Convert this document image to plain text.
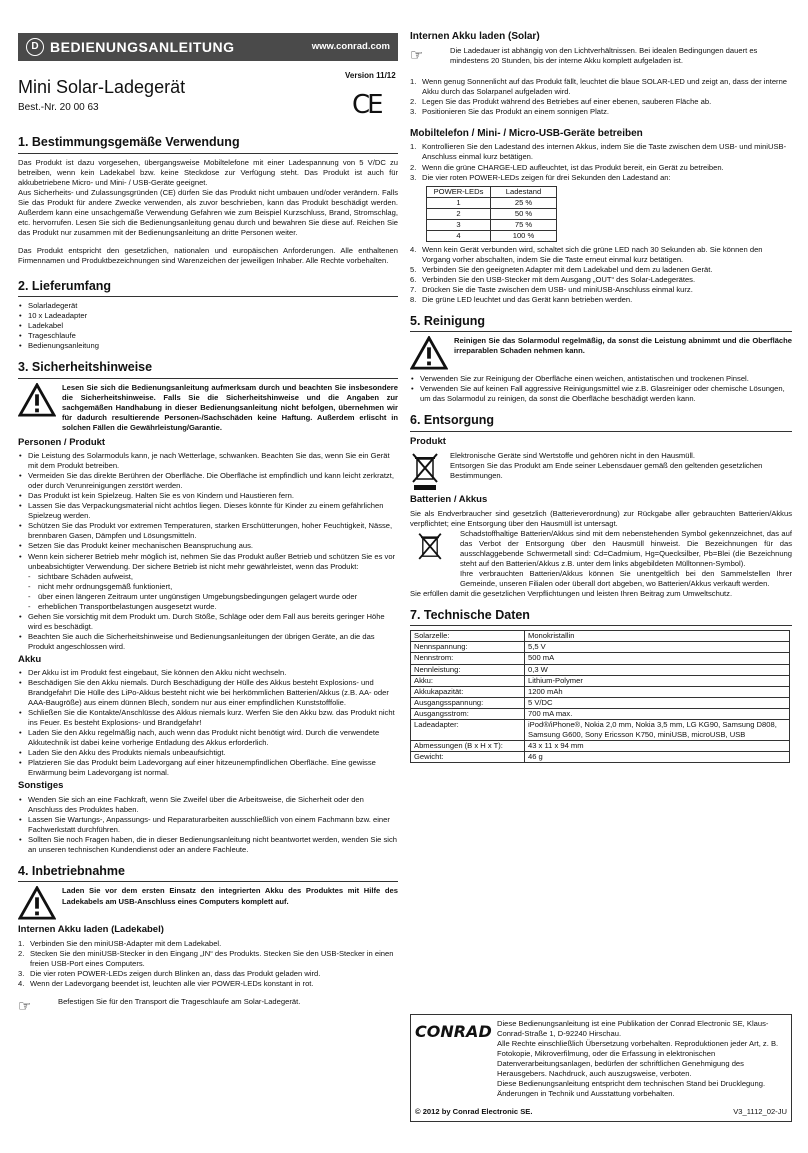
D BEDIENUNGSANLEITUNG	www.conrad.com
Mini Solar-Ladegerät
Version 11/12
Best.-Nr. 20 00 63	CE
1. Bestimmungsgemäße Verwendung

Das Produkt ist dazu vorgesehen, übergangsweise Mobiltelefone mit einer Ladespannung von 5 V/DC zu betreiben, wenn kein Ladekabel bzw. keine Steckdose zur Verfügung steht. Das Produkt ist auch für akkubetriebene Micro- und Mini- / USB-Geräte geeignet.

Aus Sicherheits- und Zulassungsgründen (CE) dürfen Sie das Produkt nicht umbauen und/oder verändern. Falls Sie das Produkt für andere Zwecke verwenden, als zuvor beschrieben, kann das Produkt beschädigt werden. Außerdem kann eine unsachgemäße Verwendung Gefahren wie zum Beispiel Kurzschluss, Brand, Stromschlag, etc. hervorrufen. Lesen Sie sich die Bedienungsanleitung genau durch und bewahren Sie diese auf. Reichen Sie das Produkt nur zusammen mit der Bedienungsanleitung an dritte Personen weiter.

Das Produkt entspricht den gesetzlichen, nationalen und europäischen Anforderungen. Alle enthaltenen Firmennamen und Produktbezeichnungen sind Warenzeichen der jeweiligen Inhaber. Alle Rechte vorbehalten.

2. Lieferumfang
• Solarladegerät
• 10 x Ladeadapter
• Ladekabel
• Trageschlaufe
• Bedienungsanleitung
3. Sicherheitshinweise
Lesen Sie sich die Bedienungsanleitung aufmerksam durch und beachten Sie insbesondere die Sicherheitshinweise. Falls Sie die Sicherheitshinweise und die Angaben zur sachgemäßen Handhabung in dieser Bedienungsanleitung nicht befolgen, übernehmen wir für dadurch resultierende Personen-/Sachschäden keine Haftung. Außerdem erlischt in solchen Fällen die Gewährleistung/Garantie.
Personen / Produkt
• Die Leistung des Solarmoduls kann, je nach Wetterlage, schwanken. Beachten Sie das, wenn Sie ein Gerät mit dem Produkt betreiben.
• Vermeiden Sie das direkte Berühren der Oberfläche. Die Oberfläche ist empfindlich und kann leicht zerkratzt, oder durch Verunreinigungen zerstört werden.
• Das Produkt ist kein Spielzeug. Halten Sie es von Kindern und Haustieren fern.
• Lassen Sie das Verpackungsmaterial nicht achtlos liegen. Dieses könnte für Kinder zu einem gefährlichen Spielzeug werden.
• Schützen Sie das Produkt vor extremen Temperaturen, starken Erschütterungen, hoher Feuchtigkeit, Nässe, brennbaren Gasen, Dämpfen und Lösungsmitteln.
• Setzen Sie das Produkt keiner mechanischen Beanspruchung aus.
• Wenn kein sicherer Betrieb mehr möglich ist, nehmen Sie das Produkt außer Betrieb und schützen Sie es vor unbeabsichtigter Verwendung. Der sichere Betrieb ist nicht mehr gewährleistet, wenn das Produkt:
- sichtbare Schäden aufweist,
- nicht mehr ordnungsgemäß funktioniert,
- über einen längeren Zeitraum unter ungünstigen Umgebungsbedingungen gelagert wurde oder
- erheblichen Transportbelastungen ausgesetzt wurde.
• Gehen Sie vorsichtig mit dem Produkt um. Durch Stöße, Schläge oder dem Fall aus bereits geringer Höhe wird es beschädigt.
• Beachten Sie auch die Sicherheitshinweise und Bedienungsanleitungen der übrigen Geräte, an die das Produkt angeschlossen wird.
Akku
• Der Akku ist im Produkt fest eingebaut, Sie können den Akku nicht wechseln.
• Beschädigen Sie den Akku niemals. Durch Beschädigung der Hülle des Akkus besteht Explosions- und Brandgefahr! Die Hülle des LiPo-Akkus besteht nicht wie bei herkömmlichen Batterien/Akkus (z.B. AA- oder AAA-Baugröße) aus einem dünnen Blech, sondern nur aus einer empfindlichen Kunststofffolie.
• Schließen Sie die Kontakte/Anschlüsse des Akkus niemals kurz. Werfen Sie den Akku bzw. das Produkt nicht ins Feuer. Es besteht Explosions- und Brandgefahr!
• Laden Sie den Akku regelmäßig nach, auch wenn das Produkt nicht benötigt wird. Durch die verwendete Akkutechnik ist dabei keine vorherige Entladung des Akkus erforderlich.
• Laden Sie den Akku des Produkts niemals unbeaufsichtigt.
• Platzieren Sie das Produkt beim Ladevorgang auf einer hitzeunempfindlichen Oberfläche. Eine gewisse Erwärmung beim Ladevorgang ist normal.
Sonstiges
• Wenden Sie sich an eine Fachkraft, wenn Sie Zweifel über die Arbeitsweise, die Sicherheit oder den Anschluss des Produktes haben.
• Lassen Sie Wartungs-, Anpassungs- und Reparaturarbeiten ausschließlich von einem Fachmann bzw. einer Fachwerkstatt durchführen.
• Sollten Sie noch Fragen haben, die in dieser Bedienungsanleitung nicht beantwortet werden, wenden Sie sich an unseren technischen Kundendienst oder an andere Fachleute.
4. Inbetriebnahme
Laden Sie vor dem ersten Einsatz den integrierten Akku des Produktes mit Hilfe des Ladekabels am USB-Anschluss eines Computers komplett auf.
Internen Akku laden (Ladekabel)
1. Verbinden Sie den miniUSB-Adapter mit dem Ladekabel.
2. Stecken Sie den miniUSB-Stecker in den Eingang „IN“ des Produkts. Stecken Sie den USB-Stecker in einen freien USB-Port eines Computers.
3. Die vier roten POWER-LEDs zeigen durch Blinken an, dass das Produkt geladen wird.
4. Wenn der Ladevorgang beendet ist, leuchten alle vier POWER-LEDs konstant in rot.
☞	Befestigen Sie für den Transport die Trageschlaufe am Solar-Ladegerät.
Internen Akku laden (Solar)
☞	Die Ladedauer ist abhängig von den Lichtverhältnissen. Bei idealen Bedingungen dauert es mindestens 20 Stunden, bis der interne Akku komplett aufgeladen ist.
1. Wenn genug Sonnenlicht auf das Produkt fällt, leuchtet die blaue SOLAR-LED und zeigt an, dass der interne Akku durch das Solarpanel aufgeladen wird.
2. Legen Sie das Produkt während des Betriebes auf einer ebenen, sauberen Fläche ab.
3. Positionieren Sie das Produkt an einem sonnigen Platz.
Mobiltelefon / Mini- / Micro-USB-Geräte betreiben
1. Kontrollieren Sie den Ladestand des internen Akkus, indem Sie die Taste zwischen dem USB- und miniUSB-Anschluss einmal kurz betätigen.
2. Wenn die grüne CHARGE-LED aufleuchtet, ist das Produkt bereit, ein Gerät zu betreiben.
3. Die vier roten POWER-LEDs zeigen für drei Sekunden den Ladestand an:
POWER-LEDs	Ladestand
1	25 %
2	50 %
3	75 %
4	100 %
4. Wenn kein Gerät verbunden wird, schaltet sich die grüne LED nach 30 Sekunden ab. Sie können den Vorgang vorher abschalten, indem Sie die Taste erneut einmal kurz betätigen.
5. Verbinden Sie den geeigneten Adapter mit dem Ladekabel und dem zu ladenen Gerät.
6. Verbinden Sie den USB-Stecker mit dem Ausgang „OUT“ des Solar-Ladegerätes.
7. Drücken Sie die Taste zwischen dem USB- und miniUSB-Anschluss einmal kurz.
8. Die grüne LED leuchtet und das Gerät kann betrieben werden.
5. Reinigung
Reinigen Sie das Solarmodul regelmäßig, da sonst die Leistung abnimmt und die Oberfläche irreparablen Schaden nehmen kann.
• Verwenden Sie zur Reinigung der Oberfläche einen weichen, antistatischen und trockenen Pinsel.
• Verwenden Sie auf keinen Fall aggressive Reinigungsmittel wie z.B. Glasreiniger oder chemische Lösungen, um das Solarmodul zu reinigen, da sonst die Oberfläche beschädigt werden kann.
6. Entsorgung
Produkt
Elektronische Geräte sind Wertstoffe und gehören nicht in den Hausmüll.
Entsorgen Sie das Produkt am Ende seiner Lebensdauer gemäß den geltenden gesetzlichen Bestimmungen.
Batterien / Akkus

Sie als Endverbraucher sind gesetzlich (Batterieverordnung) zur Rückgabe aller gebrauchten Batterien/Akkus verpflichtet; eine Entsorgung über den Hausmüll ist untersagt.

Schadstoffhaltige Batterien/Akkus sind mit dem nebenstehenden Symbol gekennzeichnet, das auf das Verbot der Entsorgung über den Hausmüll hinweist. Die Bezeichnungen für das ausschlaggebende Schwermetall sind: Cd=Cadmium, Hg=Quecksilber, Pb=Blei (die Bezeichnung steht auf den Batterien/Akkus z.B. unter dem links abgebildeten Mülltonnen-Symbol).

Ihre verbrauchten Batterien/Akkus können Sie unentgeltlich bei den Sammelstellen Ihrer Gemeinde, unseren Filialen oder überall dort abgeben, wo Batterien/Akkus verkauft werden.

Sie erfüllen damit die gesetzlichen Verpflichtungen und leisten Ihren Beitrag zum Umweltschutz.

7. Technische Daten
Solarzelle:	Monokristallin
Nennspannung:	5,5 V
Nennstrom:	500 mA
Nennleistung:	0,3 W
Akku:	Lithium-Polymer
Akkukapazität:	1200 mAh
Ausgangsspannung:	5 V/DC
Ausgangsstrom:	700 mA max.
Ladeadapter:	iPod®/iPhone®, Nokia 2,0 mm, Nokia 3,5 mm, LG KG90, Samsung D808, Samsung G600, Sony Ericsson K750, miniUSB, microUSB, USB
Abmessungen (B x H x T):	43 x 11 x 94 mm
Gewicht:	46 g
CONRAD Diese Bedienungsanleitung ist eine Publikation der Conrad Electronic SE, Klaus-Conrad-Straße 1, D-92240 Hirschau.
Alle Rechte einschließlich Übersetzung vorbehalten. Reproduktionen jeder Art, z. B. Fotokopie, Mikroverfilmung, oder die Erfassung in elektronischen Datenverarbeitungsanlagen, bedürfen der schriftlichen Genehmigung des Herausgebers. Nachdruck, auch auszugsweise, verboten.
Diese Bedienungsanleitung entspricht dem technischen Stand bei Drucklegung. Änderungen in Technik und Ausstattung vorbehalten.
© 2012 by Conrad Electronic SE.	V3_1112_02-JU
